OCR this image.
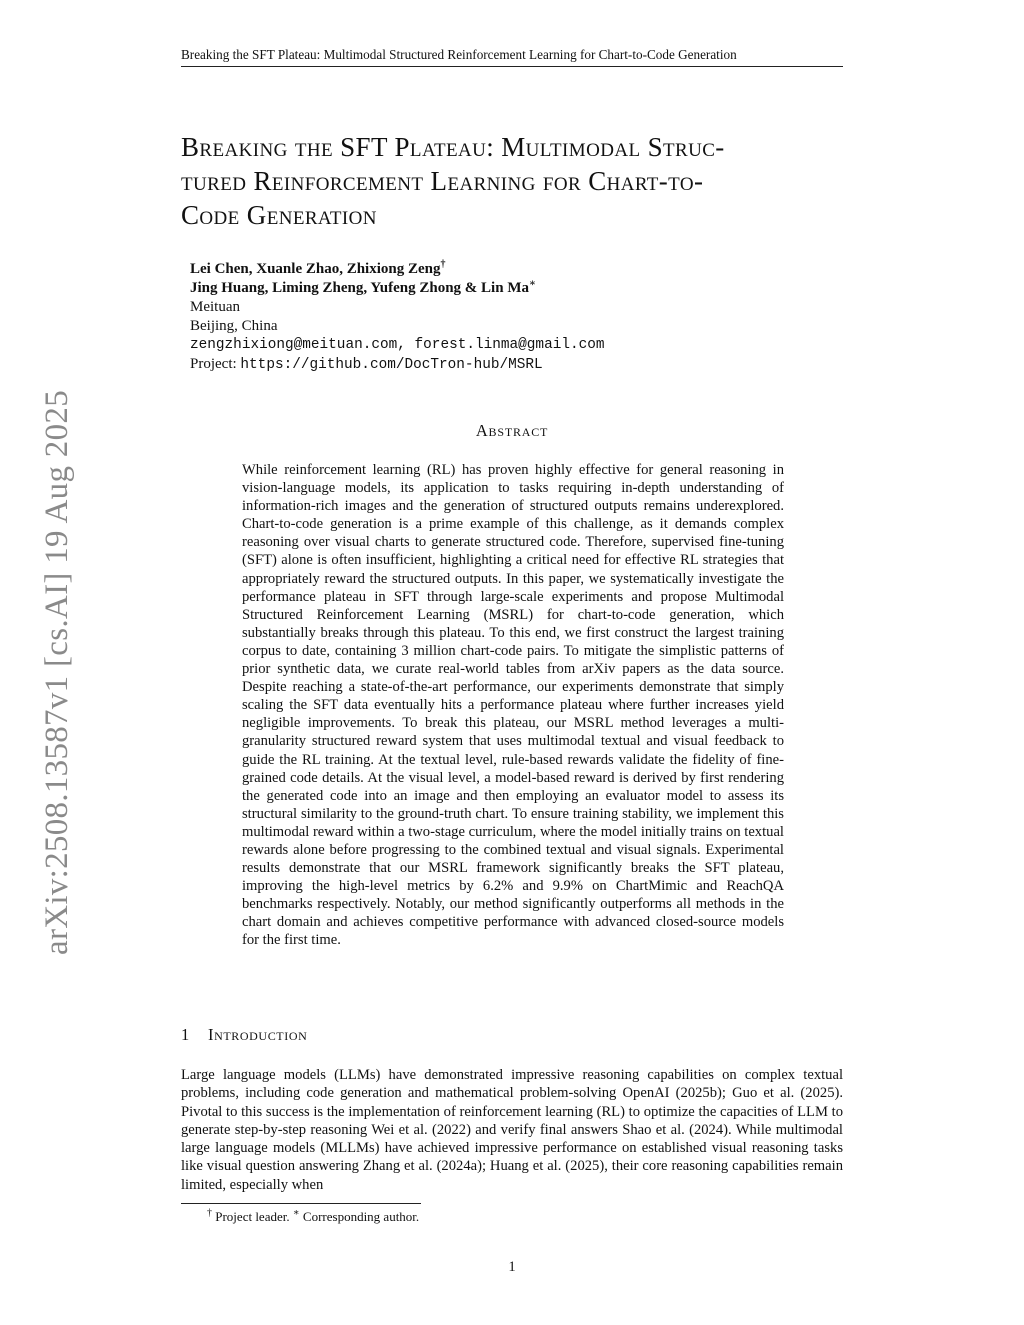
Breaking the SFT Plateau: Multimodal Structured Reinforcement Learning for Chart-to-Code Generation
Breaking the SFT Plateau: Multimodal Struc-
tured Reinforcement Learning for Chart-to-
Code Generation
Lei Chen, Xuanle Zhao, Zhixiong Zeng†
Jing Huang, Liming Zheng, Yufeng Zhong & Lin Ma∗
Meituan
Beijing, China
zengzhixiong@meituan.com, forest.linma@gmail.com
Project: https://github.com/DocTron-hub/MSRL
arXiv:2508.13587v1 [cs.AI] 19 Aug 2025	Abstract

While reinforcement learning (RL) has proven highly effective for general reasoning in vision-language models, its application to tasks requiring in-depth understanding of information-rich images and the generation of structured outputs remains underexplored. Chart-to-code generation is a prime example of this challenge, as it demands complex reasoning over visual charts to generate structured code. Therefore, supervised fine-tuning (SFT) alone is often insufficient, highlighting a critical need for effective RL strategies that appropriately reward the structured outputs. In this paper, we systematically investigate the performance plateau in SFT through large-scale experiments and propose Multimodal Structured Reinforcement Learning (MSRL) for chart-to-code generation, which substantially breaks through this plateau. To this end, we first construct the largest training corpus to date, containing 3 million chart-code pairs. To mitigate the simplistic patterns of prior synthetic data, we curate real-world tables from arXiv papers as the data source. Despite reaching a state-of-the-art performance, our experiments demonstrate that simply scaling the SFT data eventually hits a performance plateau where further increases yield negligible improvements. To break this plateau, our MSRL method leverages a multi-granularity structured reward system that uses multimodal textual and visual feedback to guide the RL training. At the textual level, rule-based rewards validate the fidelity of fine-grained code details. At the visual level, a model-based reward is derived by first rendering the generated code into an image and then employing an evaluator model to assess its structural similarity to the ground-truth chart. To ensure training stability, we implement this multimodal reward within a two-stage curriculum, where the model initially trains on textual rewards alone before progressing to the combined textual and visual signals. Experimental results demonstrate that our MSRL framework significantly breaks the SFT plateau, improving the high-level metrics by 6.2% and 9.9% on ChartMimic and ReachQA benchmarks respectively. Notably, our method significantly outperforms all methods in the chart domain and achieves competitive performance with advanced closed-source models for the first time.

1 Introduction

Large language models (LLMs) have demonstrated impressive reasoning capabilities on complex textual problems, including code generation and mathematical problem-solving OpenAI (2025b); Guo et al. (2025). Pivotal to this success is the implementation of reinforcement learning (RL) to optimize the capacities of LLM to generate step-by-step reasoning Wei et al. (2022) and verify final answers Shao et al. (2024). While multimodal large language models (MLLMs) have achieved impressive performance on established visual reasoning tasks like visual question answering Zhang et al. (2024a); Huang et al. (2025), their core reasoning capabilities remain limited, especially when

† Project leader. ∗ Corresponding author.
1
